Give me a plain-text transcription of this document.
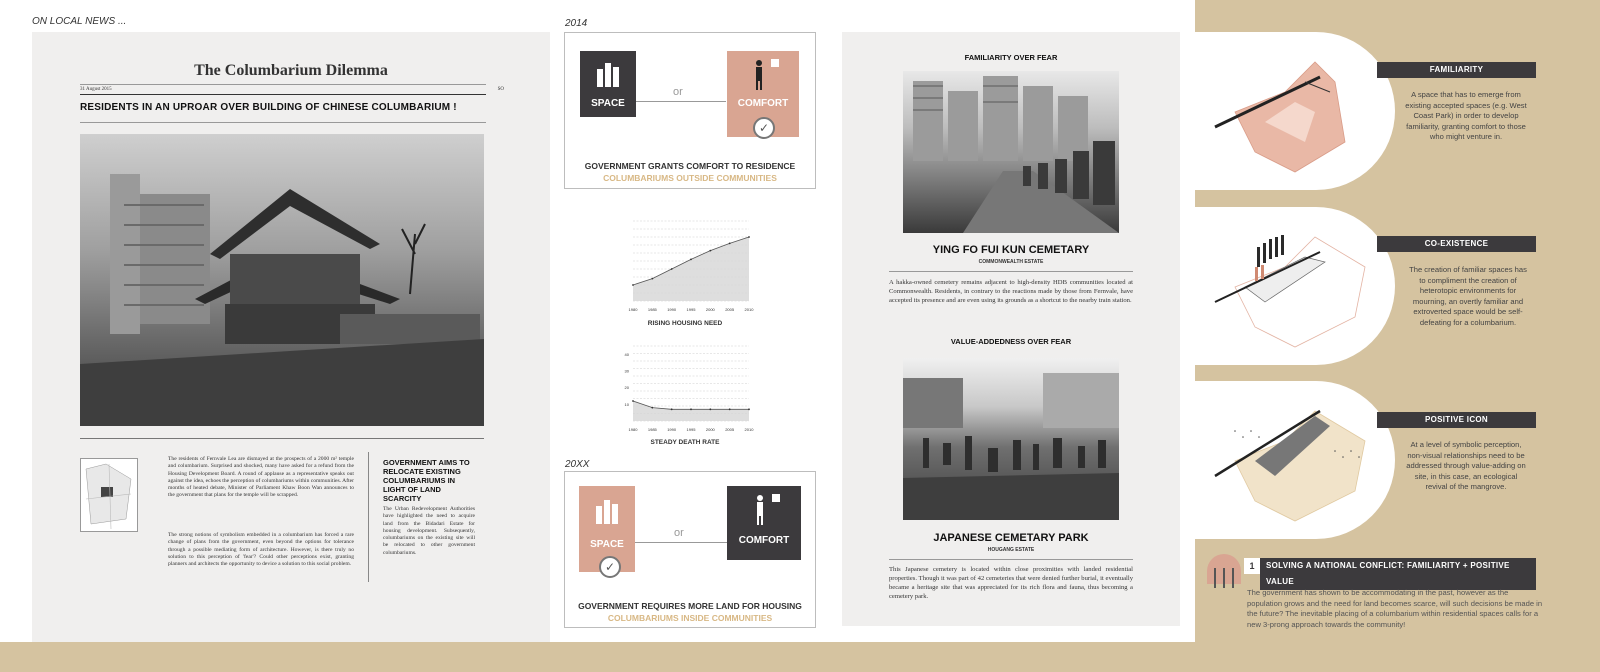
ON LOCAL NEWS ...
The Columbarium Dilemma
31 August 2015	SO
RESIDENTS IN AN UPROAR OVER BUILDING OF CHINESE COLUMBARIUM !
The residents of Fernvale Lea are dismayed at the prospects of a 2000 m² temple and columbarium. Surprised and shocked, many have asked for a refund from the Housing Development Board. A round of applause as a representative speaks out against the idea, echoes the perception of columbariums within communities. After months of heated debate, Minister of Parliament Khaw Boon Wan announces to the government that plans for the temple will be scrapped.
The strong notions of symbolism embedded in a columbarium has forced a rare change of plans from the government, even beyond the options for tolerance through a possible mediating form of architecture. However, is there truly no solution to this perception of 'fear'? Could other perceptions exist, granting planners and architects the opportunity to device a solution to this social problem.
GOVERNMENT AIMS TO RELOCATE EXISTING COLUMBARIUMS IN LIGHT OF LAND SCARCITY
The Urban Redevelopment Authorities have highlighted the need to acquire land from the Bidadari Estate for housing development. Subsequently, columbariums on the existing site will be relocated to other government columbariums.
2014
SPACE
or
COMFORT
✓
GOVERNMENT GRANTS COMFORT TO RESIDENCE
COLUMBARIUMS OUTSIDE COMMUNITIES
1980	1985	1990	1995	2000	2005	2010
RISING HOUSING NEED
1980	1985	1990	1995	2000	2005	2010
10
20
30
40
STEADY DEATH RATE
20XX
SPACE
✓
or
COMFORT
GOVERNMENT REQUIRES MORE LAND FOR HOUSING
COLUMBARIUMS INSIDE COMMUNITIES
FAMILIARITY OVER FEAR
YING FO FUI KUN CEMETARY
COMMONWEALTH ESTATE
A hakka-owned cemetery remains adjacent to high-density HDB communities located at Commonwealth. Residents, in contrary to the reactions made by those from Fernvale, have accepted its presence and are even using its grounds as a shortcut to the nearby train station.
VALUE-ADDEDNESS OVER FEAR
JAPANESE CEMETARY PARK
HOUGANG ESTATE
This Japanese cemetery is located within close proximities with landed residential properties. Though it was part of 42 cemeteries that were denied further burial, it eventually became a heritage site that was appreciated for its rich flora and fauna, thus becoming a cemetery park.
FAMILIARITY
A space that has to emerge from existing accepted spaces (e.g. West Coast Park) in order to develop familiarity, granting comfort to those who might venture in.
CO-EXISTENCE
The creation of familiar spaces has to compliment the creation of heterotopic environments for mourning, an overtly familiar and extroverted space would be self-defeating for a columbarium.
POSITIVE ICON
At a level of symbolic perception, non-visual relationships need to be addressed through value-adding on site, in this case, an ecological revival of the mangrove.
1	SOLVING A NATIONAL CONFLICT: FAMILIARITY + POSITIVE VALUE
The government has shown to be accommodating in the past, however as the population grows and the need for land becomes scarce, will such decisions be made in the future? The inevitable placing of a columbarium within residential spaces calls for a new 3-prong approach towards the community!
